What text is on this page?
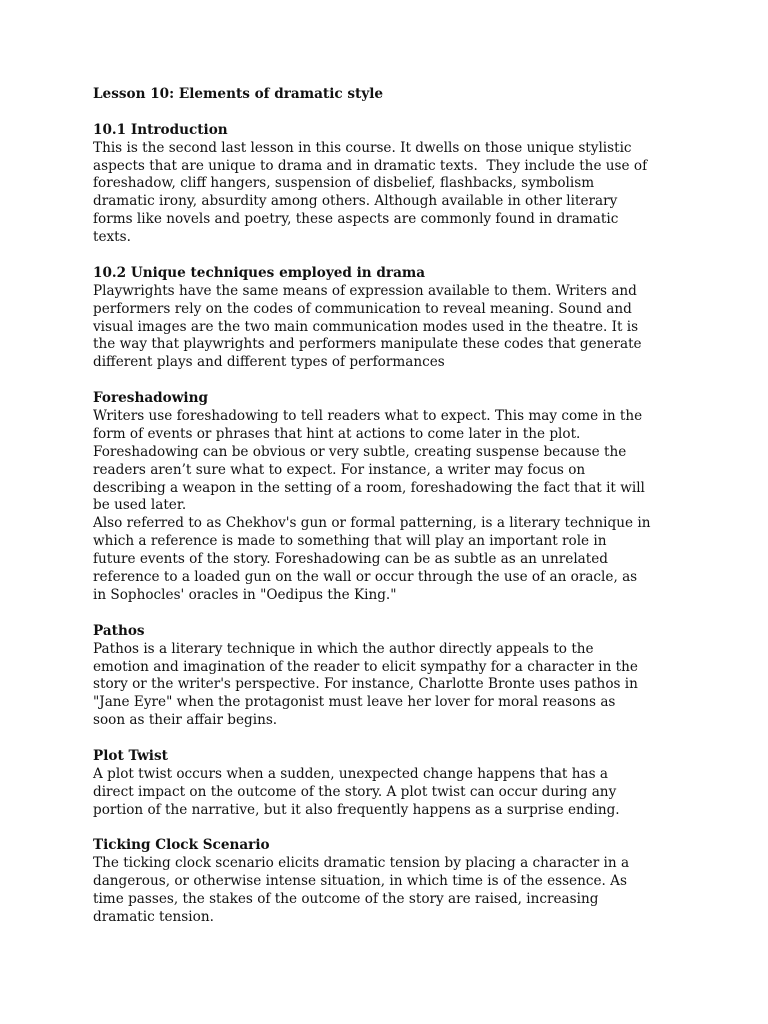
Lesson 10: Elements of dramatic style
10.1 Introduction
This is the second last lesson in this course. It dwells on those unique stylistic
aspects that are unique to drama and in dramatic texts.  They include the use of
foreshadow, cliff hangers, suspension of disbelief, flashbacks, symbolism
dramatic irony, absurdity among others. Although available in other literary
forms like novels and poetry, these aspects are commonly found in dramatic
texts.
10.2 Unique techniques employed in drama
Playwrights have the same means of expression available to them. Writers and
performers rely on the codes of communication to reveal meaning. Sound and
visual images are the two main communication modes used in the theatre. It is
the way that playwrights and performers manipulate these codes that generate
different plays and different types of performances
Foreshadowing
Writers use foreshadowing to tell readers what to expect. This may come in the
form of events or phrases that hint at actions to come later in the plot.
Foreshadowing can be obvious or very subtle, creating suspense because the
readers aren’t sure what to expect. For instance, a writer may focus on
describing a weapon in the setting of a room, foreshadowing the fact that it will
be used later.
Also referred to as Chekhov's gun or formal patterning, is a literary technique in
which a reference is made to something that will play an important role in
future events of the story. Foreshadowing can be as subtle as an unrelated
reference to a loaded gun on the wall or occur through the use of an oracle, as
in Sophocles' oracles in "Oedipus the King."
Pathos
Pathos is a literary technique in which the author directly appeals to the
emotion and imagination of the reader to elicit sympathy for a character in the
story or the writer's perspective. For instance, Charlotte Bronte uses pathos in
"Jane Eyre" when the protagonist must leave her lover for moral reasons as
soon as their affair begins.
Plot Twist
A plot twist occurs when a sudden, unexpected change happens that has a
direct impact on the outcome of the story. A plot twist can occur during any
portion of the narrative, but it also frequently happens as a surprise ending.
Ticking Clock Scenario
The ticking clock scenario elicits dramatic tension by placing a character in a
dangerous, or otherwise intense situation, in which time is of the essence. As
time passes, the stakes of the outcome of the story are raised, increasing
dramatic tension.
